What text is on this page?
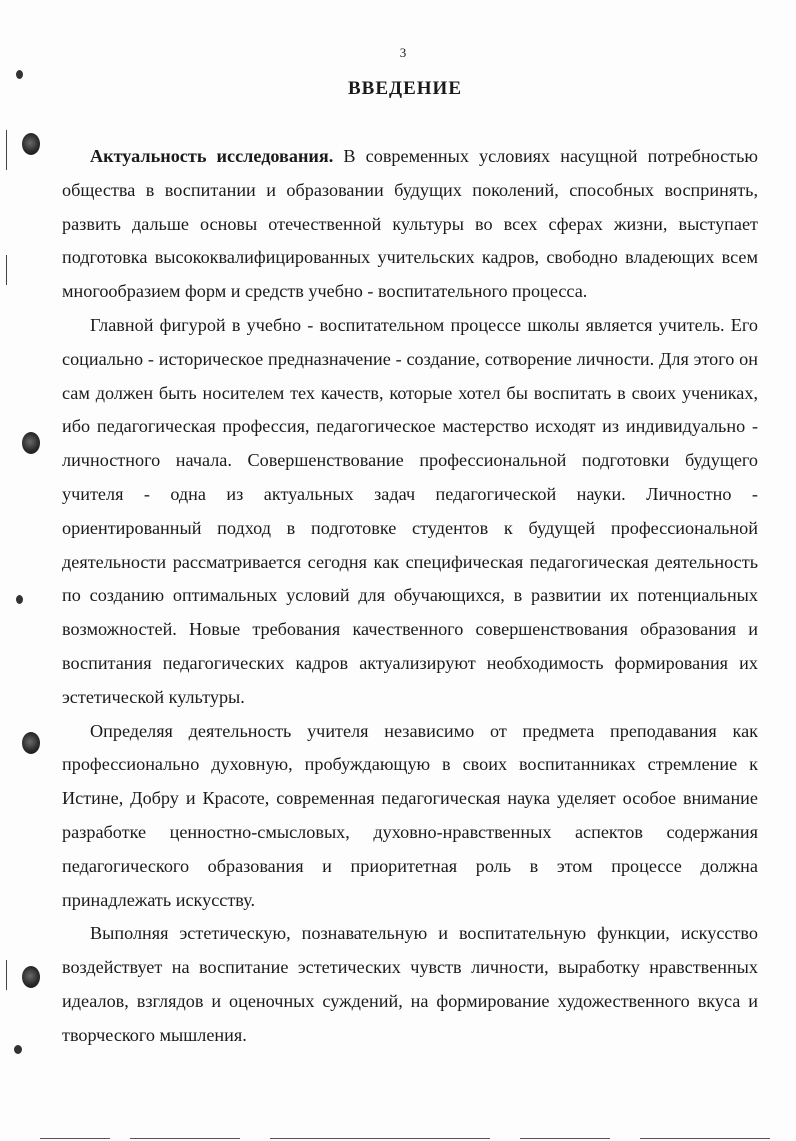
3
ВВЕДЕНИЕ

Актуальность исследования. В современных условиях насущной потребностью общества в воспитании и образовании будущих поколений, способных воспринять, развить дальше основы отечественной культуры во всех сферах жизни, выступает подготовка высококвалифицированных учительских кадров, свободно владеющих всем многообразием форм и средств учебно - воспитательного процесса.

Главной фигурой в учебно - воспитательном процессе школы является учитель. Его социально - историческое предназначение - создание, сотворение личности. Для этого он сам должен быть носителем тех качеств, которые хотел бы воспитать в своих учениках, ибо педагогическая профессия, педагогическое мастерство исходят из индивидуально - личностного начала. Совершенствование профессиональной подготовки будущего учителя - одна из актуальных задач педагогической науки. Личностно - ориентированный подход в подготовке студентов к будущей профессиональной деятельности рассматривается сегодня как специфическая педагогическая деятельность по созданию оптимальных условий для обучающихся, в развитии их потенциальных возможностей. Новые требования качественного совершенствования образования и воспитания педагогических кадров актуализируют необходимость формирования их эстетической культуры.

Определяя деятельность учителя независимо от предмета преподавания как профессионально духовную, пробуждающую в своих воспитанниках стремление к Истине, Добру и Красоте, современная педагогическая наука уделяет особое внимание разработке ценностно-смысловых, духовно-нравственных аспектов содержания педагогического образования и приоритетная роль в этом процессе должна принадлежать искусству.

Выполняя эстетическую, познавательную и воспитательную функции, искусство воздействует на воспитание эстетических чувств личности, выработку нравственных идеалов, взглядов и оценочных суждений, на формирование художественного вкуса и творческого мышления.
